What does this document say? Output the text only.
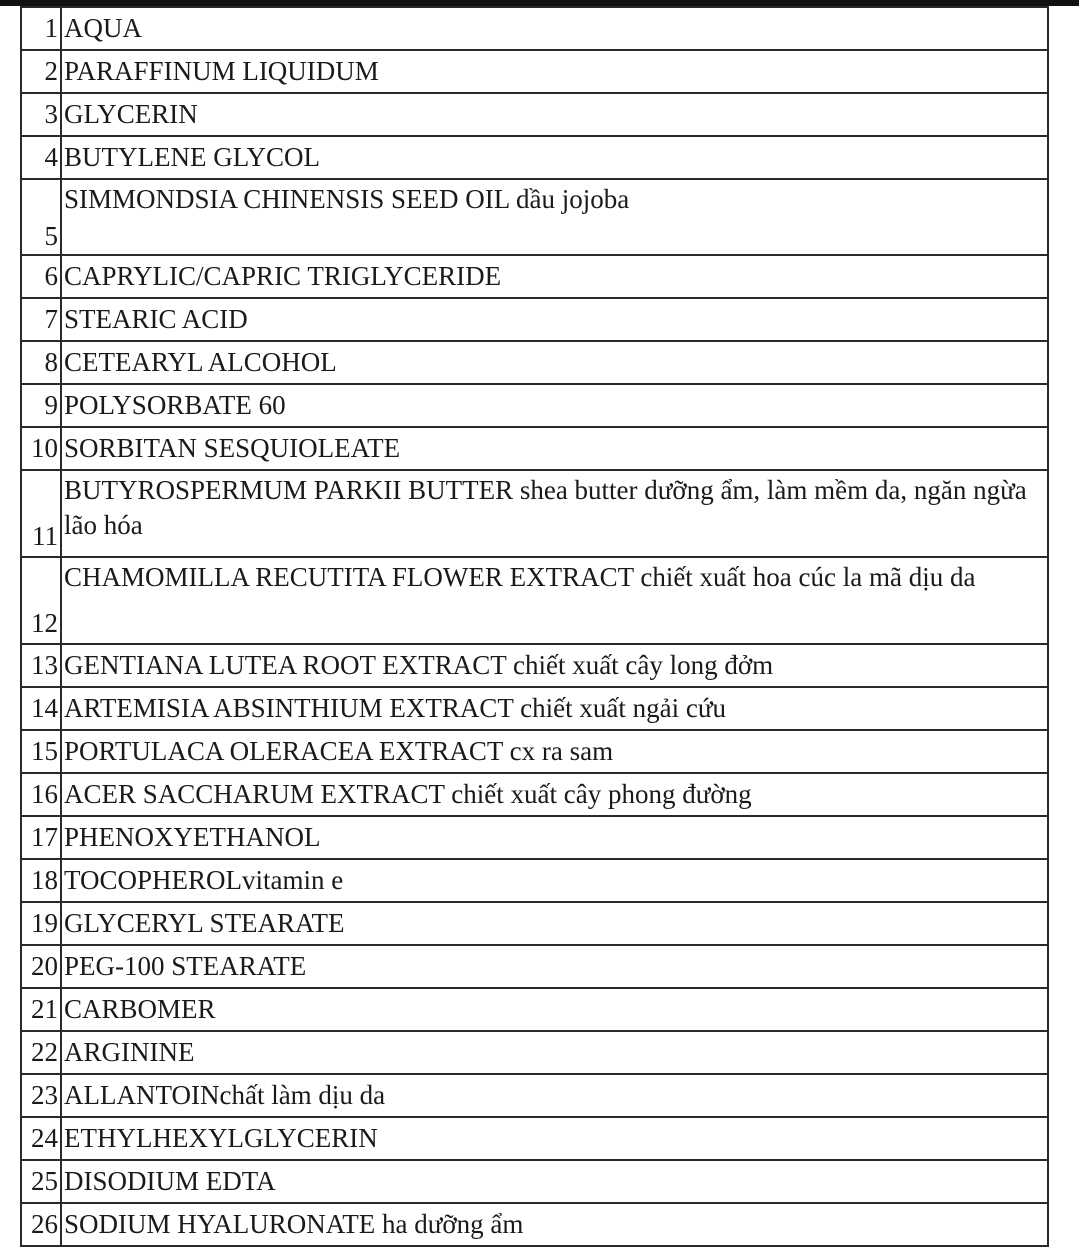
1	AQUA
2	PARAFFINUM LIQUIDUM
3	GLYCERIN
4	BUTYLENE GLYCOL
5	SIMMONDSIA CHINENSIS SEED OIL dầu jojoba
6	CAPRYLIC/CAPRIC TRIGLYCERIDE
7	STEARIC ACID
8	CETEARYL ALCOHOL
9	POLYSORBATE 60
10	SORBITAN SESQUIOLEATE
11	BUTYROSPERMUM PARKII BUTTER shea butter dưỡng ẩm, làm mềm da, ngăn ngừa lão hóa
12	CHAMOMILLA RECUTITA FLOWER EXTRACT chiết xuất hoa cúc la mã dịu da
13	GENTIANA LUTEA ROOT EXTRACT chiết xuất cây long đởm
14	ARTEMISIA ABSINTHIUM EXTRACT chiết xuất ngải cứu
15	PORTULACA OLERACEA EXTRACT cx ra sam
16	ACER SACCHARUM EXTRACT chiết xuất cây phong đường
17	PHENOXYETHANOL
18	TOCOPHEROLvitamin e
19	GLYCERYL STEARATE
20	PEG-100 STEARATE
21	CARBOMER
22	ARGININE
23	ALLANTOINchất làm dịu da
24	ETHYLHEXYLGLYCERIN
25	DISODIUM EDTA
26	SODIUM HYALURONATE ha dưỡng ẩm
